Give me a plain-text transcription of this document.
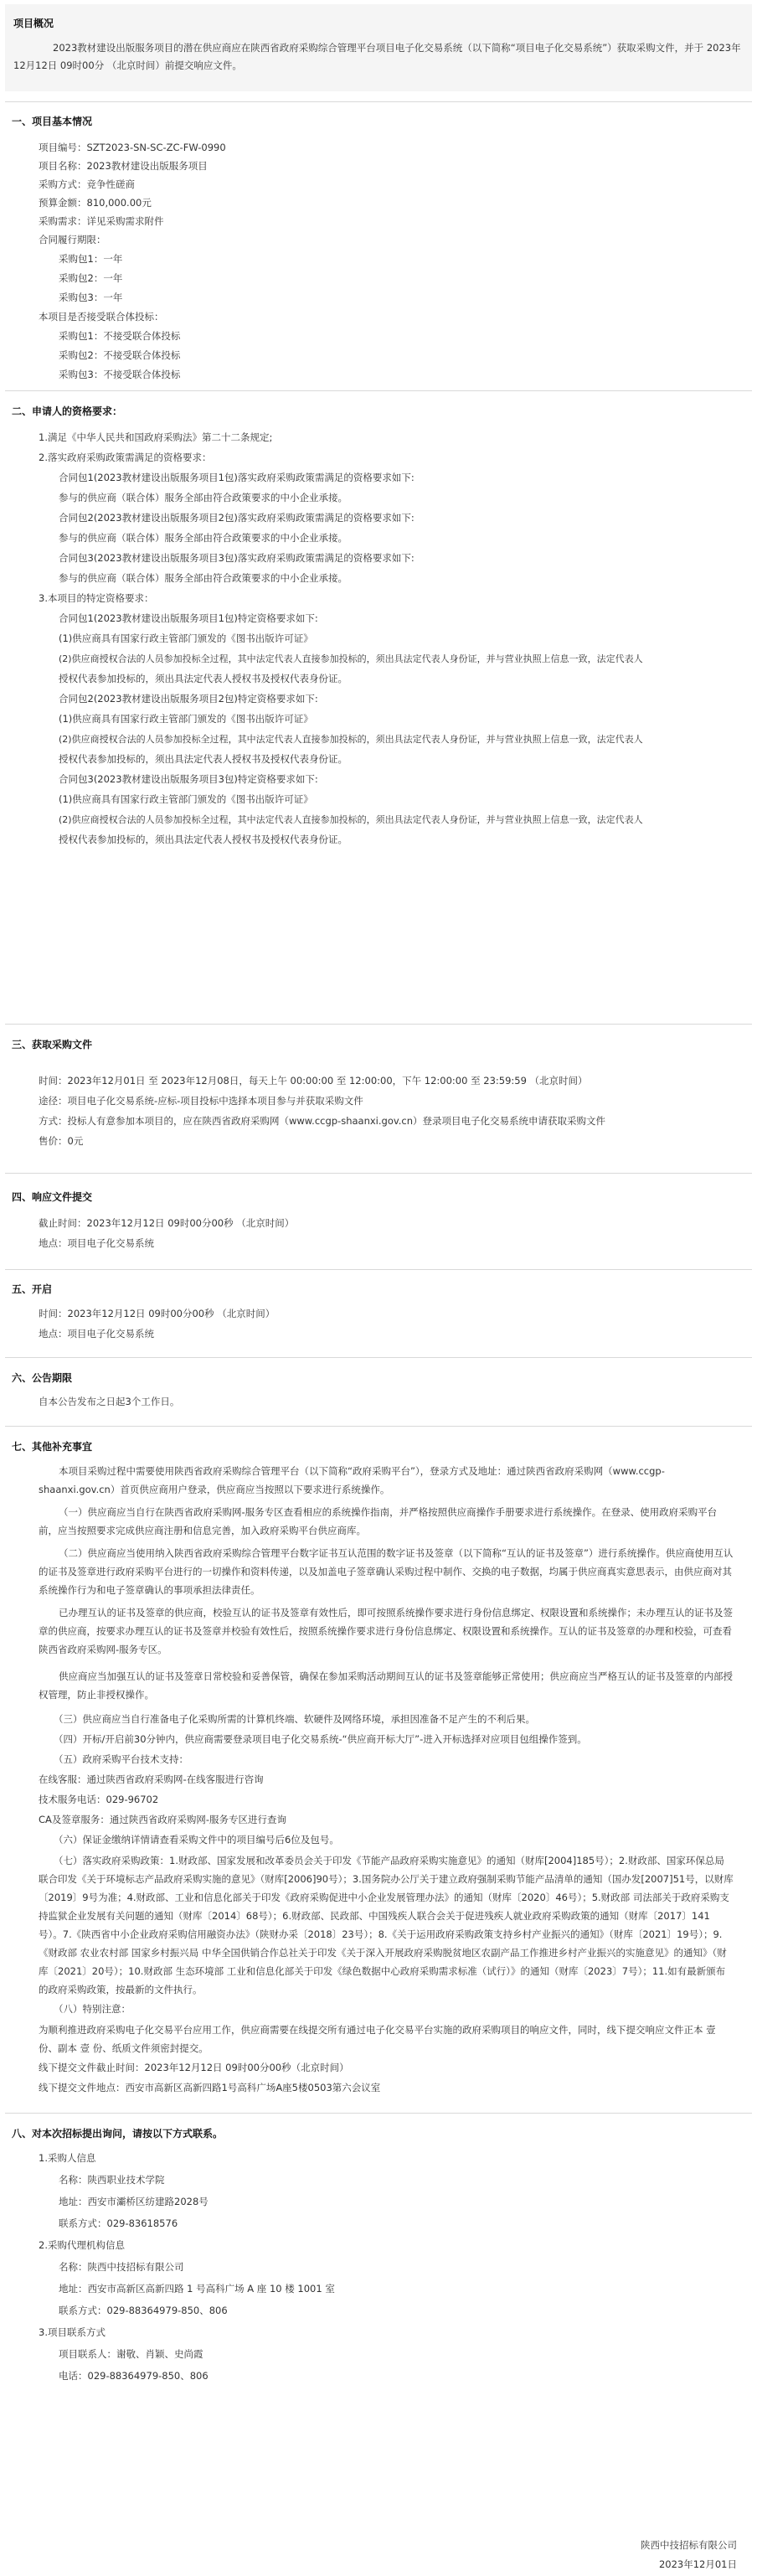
项目概况
2023教材建设出版服务项目的潜在供应商应在陕西省政府采购综合管理平台项目电子化交易系统（以下简称“项目电子化交易系统”）获取采购文件，并于 2023年12月12日 09时00分 （北京时间）前提交响应文件。
一、项目基本情况
项目编号：SZT2023-SN-SC-ZC-FW-0990
项目名称：2023教材建设出版服务项目
采购方式：竞争性磋商
预算金额：810,000.00元
采购需求：详见采购需求附件
合同履行期限：
采购包1：一年
采购包2：一年
采购包3：一年
本项目是否接受联合体投标：
采购包1：不接受联合体投标
采购包2：不接受联合体投标
采购包3：不接受联合体投标
二、申请人的资格要求：
1.满足《中华人民共和国政府采购法》第二十二条规定;
2.落实政府采购政策需满足的资格要求：
合同包1(2023教材建设出版服务项目1包)落实政府采购政策需满足的资格要求如下:
参与的供应商（联合体）服务全部由符合政策要求的中小企业承接。
合同包2(2023教材建设出版服务项目2包)落实政府采购政策需满足的资格要求如下:
参与的供应商（联合体）服务全部由符合政策要求的中小企业承接。
合同包3(2023教材建设出版服务项目3包)落实政府采购政策需满足的资格要求如下:
参与的供应商（联合体）服务全部由符合政策要求的中小企业承接。
3.本项目的特定资格要求：
合同包1(2023教材建设出版服务项目1包)特定资格要求如下:
(1)供应商具有国家行政主管部门颁发的《图书出版许可证》
(2)供应商授权合法的人员参加投标全过程，其中法定代表人直接参加投标的，须出具法定代表人身份证，并与营业执照上信息一致，法定代表人
授权代表参加投标的，须出具法定代表人授权书及授权代表身份证。
合同包2(2023教材建设出版服务项目2包)特定资格要求如下:
(1)供应商具有国家行政主管部门颁发的《图书出版许可证》
(2)供应商授权合法的人员参加投标全过程，其中法定代表人直接参加投标的，须出具法定代表人身份证，并与营业执照上信息一致，法定代表人
授权代表参加投标的，须出具法定代表人授权书及授权代表身份证。
合同包3(2023教材建设出版服务项目3包)特定资格要求如下:
(1)供应商具有国家行政主管部门颁发的《图书出版许可证》
(2)供应商授权合法的人员参加投标全过程，其中法定代表人直接参加投标的，须出具法定代表人身份证，并与营业执照上信息一致，法定代表人
授权代表参加投标的，须出具法定代表人授权书及授权代表身份证。
三、获取采购文件
时间：2023年12月01日 至 2023年12月08日，每天上午 00:00:00 至 12:00:00，下午 12:00:00 至 23:59:59 （北京时间）
途径：项目电子化交易系统-应标-项目投标中选择本项目参与并获取采购文件
方式：投标人有意参加本项目的，应在陕西省政府采购网（www.ccgp-shaanxi.gov.cn）登录项目电子化交易系统申请获取采购文件
售价：0元
四、响应文件提交
截止时间：2023年12月12日 09时00分00秒 （北京时间）
地点：项目电子化交易系统
五、开启
时间：2023年12月12日 09时00分00秒 （北京时间）
地点：项目电子化交易系统
六、公告期限
自本公告发布之日起3个工作日。
七、其他补充事宜
本项目采购过程中需要使用陕西省政府采购综合管理平台（以下简称“政府采购平台”），登录方式及地址：通过陕西省政府采购网（www.ccgp-shaanxi.gov.cn）首页供应商用户登录，供应商应当按照以下要求进行系统操作。
（一）供应商应当自行在陕西省政府采购网-服务专区查看相应的系统操作指南，并严格按照供应商操作手册要求进行系统操作。在登录、使用政府采购平台前，应当按照要求完成供应商注册和信息完善，加入政府采购平台供应商库。
（二）供应商应当使用纳入陕西省政府采购综合管理平台数字证书互认范围的数字证书及签章（以下简称“互认的证书及签章”）进行系统操作。供应商使用互认的证书及签章进行政府采购平台进行的一切操作和资料传递，以及加盖电子签章确认采购过程中制作、交换的电子数据，均属于供应商真实意思表示，由供应商对其系统操作行为和电子签章确认的事项承担法律责任。
已办理互认的证书及签章的供应商，校验互认的证书及签章有效性后，即可按照系统操作要求进行身份信息绑定、权限设置和系统操作；未办理互认的证书及签章的供应商，按要求办理互认的证书及签章并校验有效性后，按照系统操作要求进行身份信息绑定、权限设置和系统操作。互认的证书及签章的办理和校验，可查看陕西省政府采购网-服务专区。
供应商应当加强互认的证书及签章日常校验和妥善保管，确保在参加采购活动期间互认的证书及签章能够正常使用；供应商应当严格互认的证书及签章的内部授权管理，防止非授权操作。
（三）供应商应当自行准备电子化采购所需的计算机终端、软硬件及网络环境，承担因准备不足产生的不利后果。
（四）开标/开启前30分钟内，供应商需要登录项目电子化交易系统-“供应商开标大厅”-进入开标选择对应项目包组操作签到。
（五）政府采购平台技术支持：
在线客服：通过陕西省政府采购网-在线客服进行咨询
技术服务电话：029-96702
CA及签章服务：通过陕西省政府采购网-服务专区进行查询
（六）保证金缴纳详情请查看采购文件中的项目编号后6位及包号。
（七）落实政府采购政策：1.财政部、国家发展和改革委员会关于印发《节能产品政府采购实施意见》的通知（财库[2004]185号）；2.财政部、国家环保总局联合印发《关于环境标志产品政府采购实施的意见》（财库[2006]90号）；3.国务院办公厅关于建立政府强制采购节能产品清单的通知（国办发[2007]51号，以财库〔2019〕9号为准；4.财政部、工业和信息化部关于印发《政府采购促进中小企业发展管理办法》的通知（财库〔2020〕46号）；5.财政部 司法部关于政府采购支持监狱企业发展有关问题的通知（财库〔2014〕68号）；6.财政部、民政部、中国残疾人联合会关于促进残疾人就业政府采购政策的通知（财库〔2017〕141号）。7.《陕西省中小企业政府采购信用融资办法》（陕财办采〔2018〕23号）；8.《关于运用政府采购政策支持乡村产业振兴的通知》（财库〔2021〕19号）；9.《财政部 农业农村部 国家乡村振兴局 中华全国供销合作总社关于印发《关于深入开展政府采购脱贫地区农副产品工作推进乡村产业振兴的实施意见》的通知》（财库〔2021〕20号）；10.财政部 生态环境部 工业和信息化部关于印发《绿色数据中心政府采购需求标准（试行）》的通知（财库〔2023〕7号）；11.如有最新颁布的政府采购政策，按最新的文件执行。
（八）特别注意：
为顺利推进政府采购电子化交易平台应用工作，供应商需要在线提交所有通过电子化交易平台实施的政府采购项目的响应文件，同时，线下提交响应文件正本 壹 份、副本 壹 份、纸质文件须密封提交。
线下提交文件截止时间：2023年12月12日 09时00分00秒（北京时间）
线下提交文件地点：西安市高新区高新四路1号高科广场A座5楼0503第六会议室
八、对本次招标提出询问，请按以下方式联系。
1.采购人信息
名称：陕西职业技术学院
地址：西安市灞桥区纺建路2028号
联系方式：029-83618576
2.采购代理机构信息
名称：陕西中技招标有限公司
地址：西安市高新区高新四路 1 号高科广场 A 座 10 楼 1001 室
联系方式：029-88364979-850、806
3.项目联系方式
项目联系人：谢敬、肖颖、史尚霞
电话：029-88364979-850、806
陕西中技招标有限公司
2023年12月01日
